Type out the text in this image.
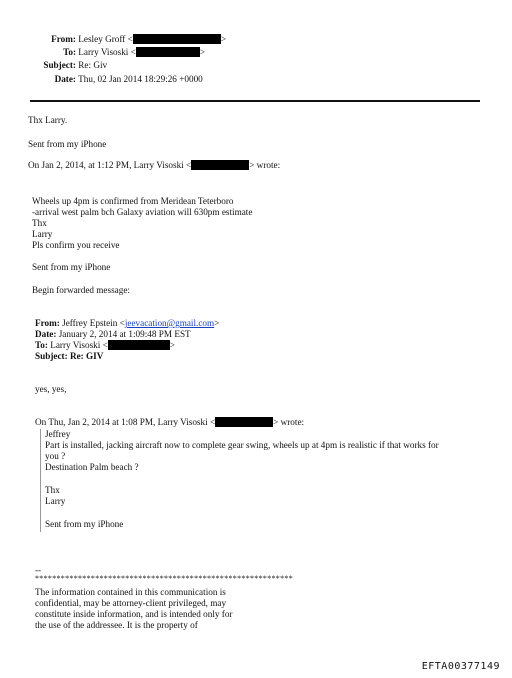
From: Lesley Groff <	>
To: Larry Visoski <	>
Subject: Re: Giv
Date: Thu, 02 Jan 2014 18:29:26 +0000
Thx Larry.
Sent from my iPhone
On Jan 2, 2014, at 1:12 PM, Larry Visoski <	> wrote:
Wheels up 4pm is confirmed from Meridean Teterboro
-arrival west palm bch Galaxy aviation will 630pm estimate
Thx
Larry
Pls confirm you receive
Sent from my iPhone
Begin forwarded message:
From: Jeffrey Epstein <jeevacation@gmail.com>
Date: January 2, 2014 at 1:09:48 PM EST
To: Larry Visoski <	>
Subject: Re: GIV
yes, yes,
On Thu, Jan 2, 2014 at 1:08 PM, Larry Visoski <	> wrote:
Jeffrey
Part is installed, jacking aircraft now to complete gear swing, wheels up at 4pm is realistic if that works for
you ?
Destination Palm beach ?
Thx
Larry
Sent from my iPhone
--
************************************************************
The information contained in this communication is
confidential, may be attorney-client privileged, may
constitute inside information, and is intended only for
the use of the addressee. It is the property of
EFTA00377149
